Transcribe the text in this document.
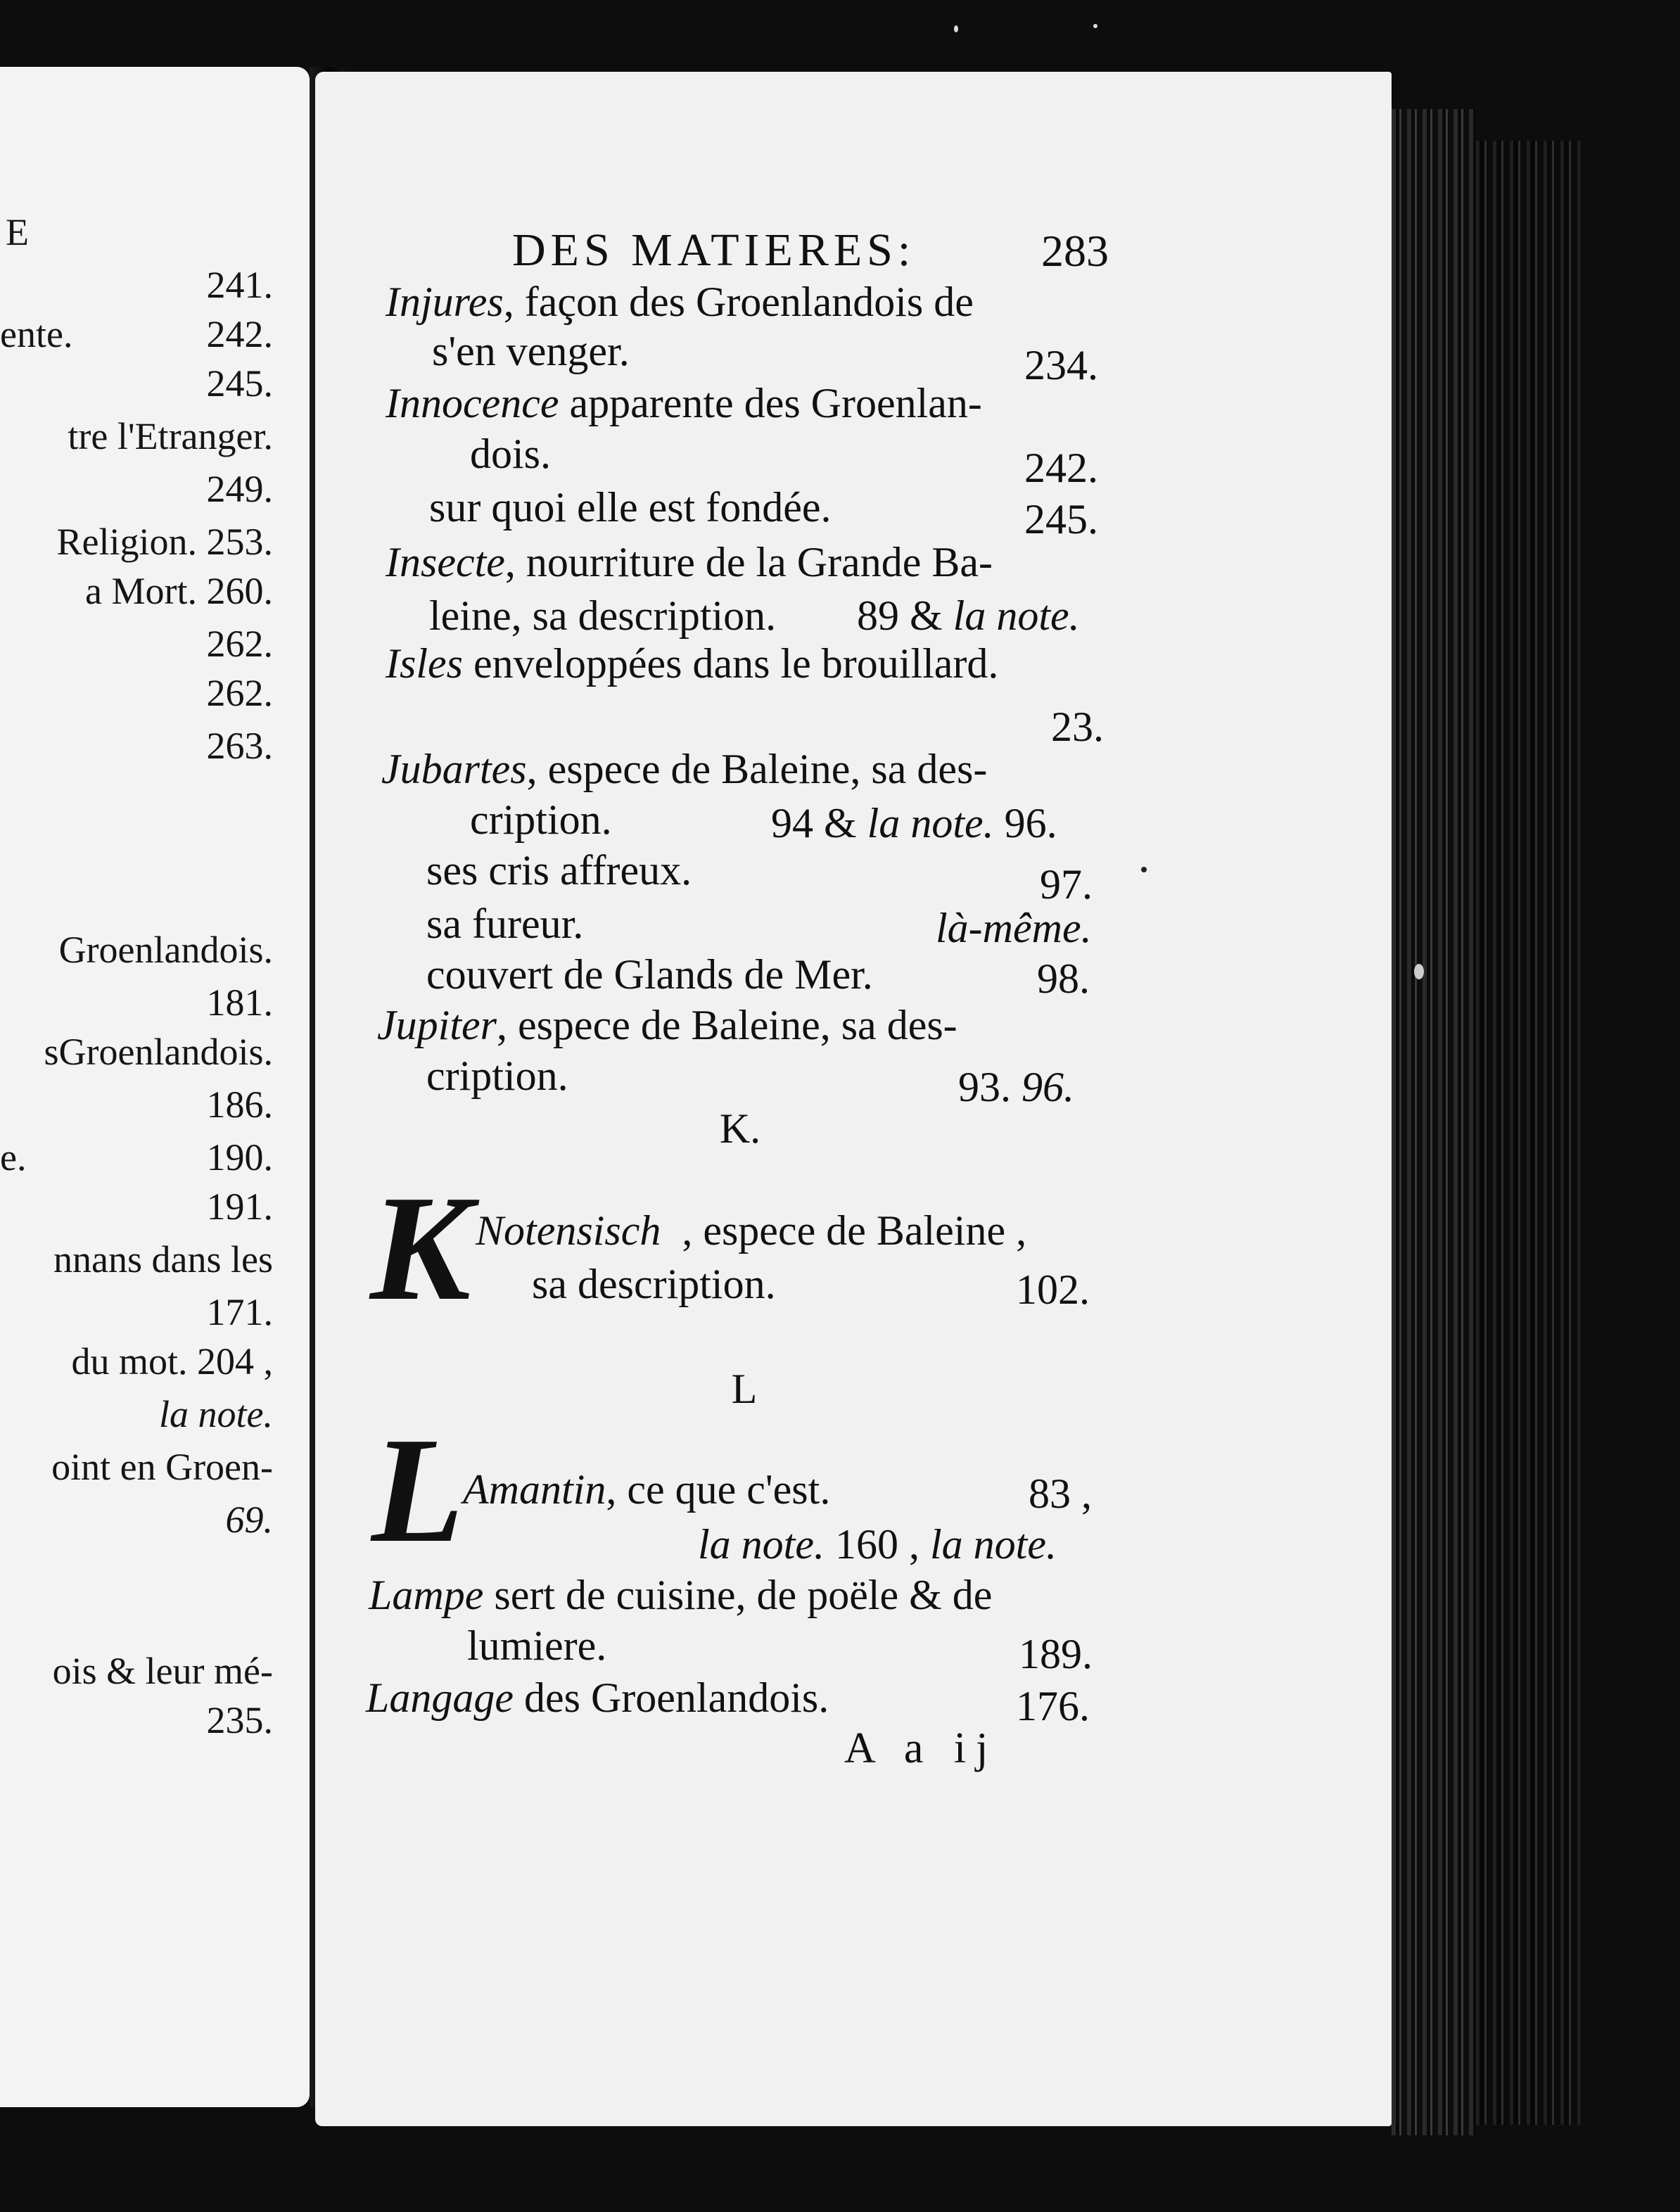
E
241.
ente.	242.
245.
tre l'Etranger.
249.
Religion. 253.
a Mort. 260.
262.
262.
263.
Groenlandois.
181.
sGroenlandois.
186.
e.	190.
191.
nnans dans les
171.
du mot. 204 ,
la note.
oint en Groen-
69.
ois & leur mé-
235.
DES MATIERES:	283
Injures, façon des Groenlandois de
s'en venger.	234.
Innocence apparente des Groenlan-
dois.	242.
sur quoi elle est fondée.	245.
Insecte, nourriture de la Grande Ba-
leine, sa description. 89 & la note.
Isles enveloppées dans le brouillard.
23.
Jubartes, espece de Baleine, sa des-
cription.	94 & la note. 96.
ses cris affreux.	97.
sa fureur.	là-même.
couvert de Glands de Mer.	98.
Jupiter, espece de Baleine, sa des-
cription.	93. 96.
K.
K Notensisch , espece de Baleine ,
sa description.	102.
L
L
Amantin, ce que c'est.	83 ,
la note. 160 , la note.
Lampe sert de cuisine, de poële & de
lumiere.	189.
Langage des Groenlandois.	176.
A a ij
